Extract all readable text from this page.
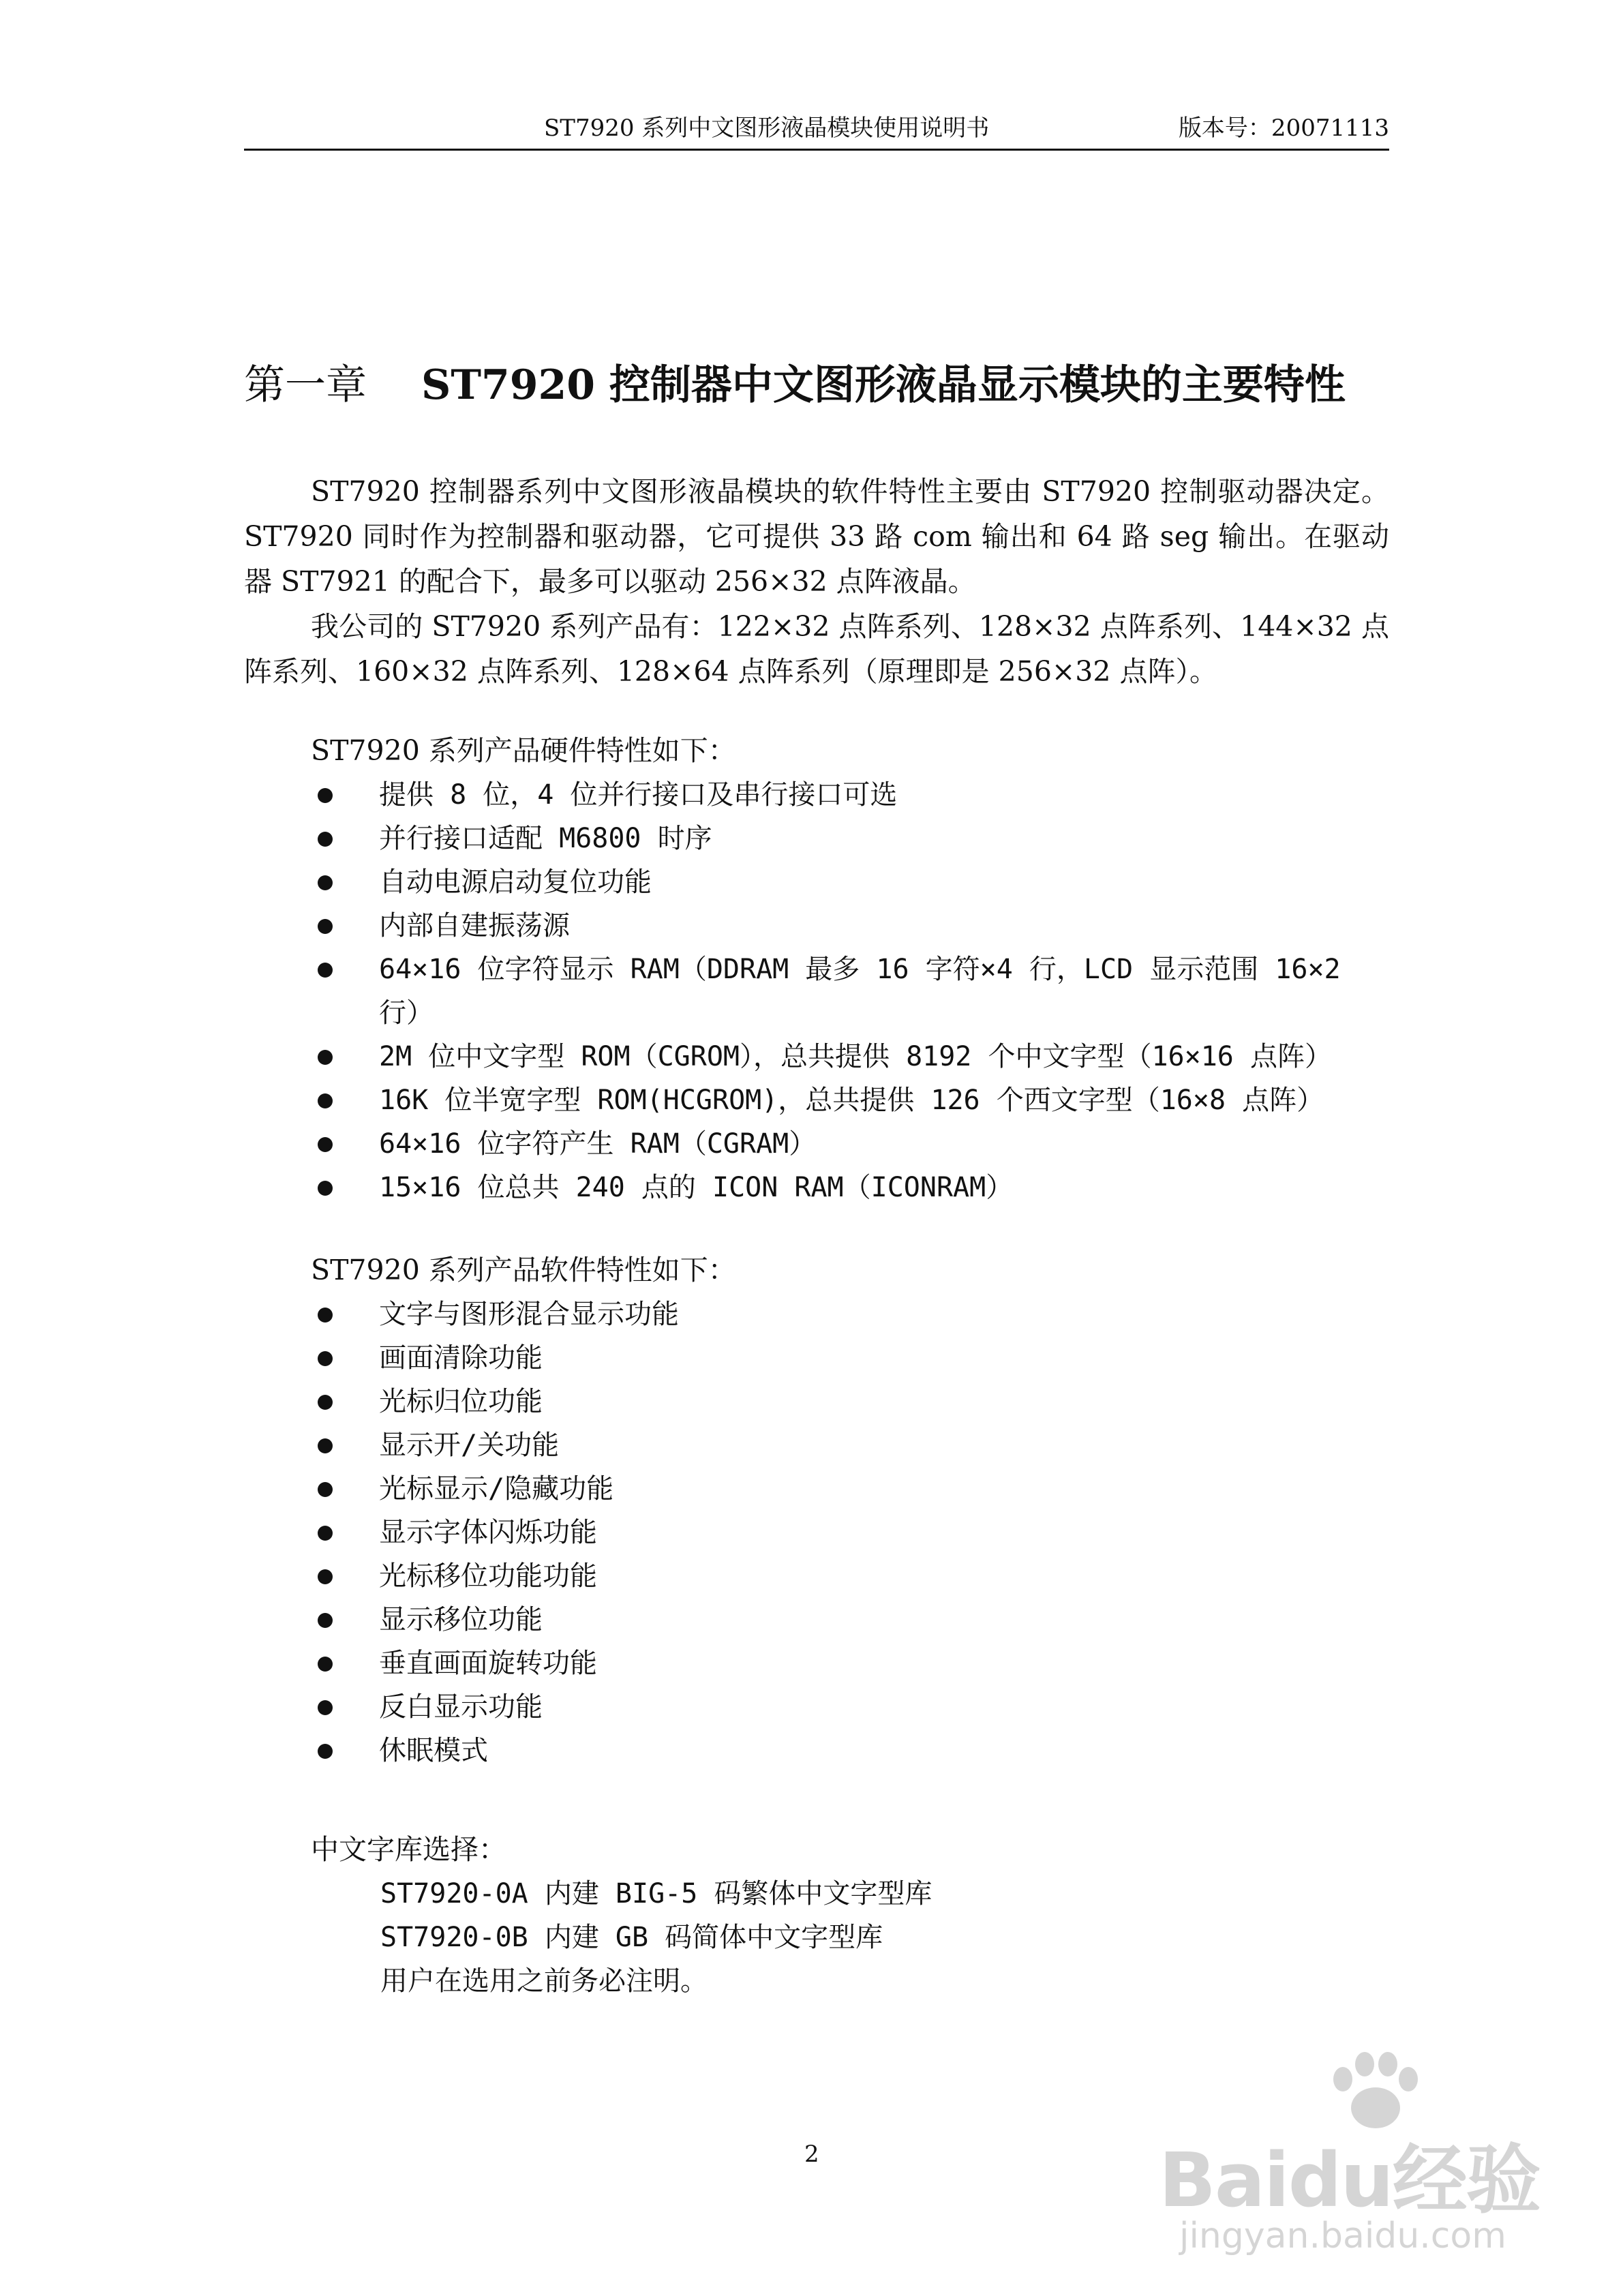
ST7920 系列中文图形液晶模块使用说明书	版本号：20071113
第一章 ST7920 控制器中文图形液晶显示模块的主要特性
ST7920 控制器系列中文图形液晶模块的软件特性主要由 ST7920 控制驱动器决定。ST7920 同时作为控制器和驱动器，它可提供 33 路 com 输出和 64 路 seg 输出。在驱动器 ST7921 的配合下，最多可以驱动 256×32 点阵液晶。
我公司的 ST7920 系列产品有：122×32 点阵系列、128×32 点阵系列、144×32 点阵系列、160×32 点阵系列、128×64 点阵系列（原理即是 256×32 点阵）。
ST7920 系列产品硬件特性如下：
提供 8 位，4 位并行接口及串行接口可选
并行接口适配 M6800 时序
自动电源启动复位功能
内部自建振荡源
64×16 位字符显示 RAM（DDRAM 最多 16 字符×4 行，LCD 显示范围 16×2 行）
2M 位中文字型 ROM（CGROM），总共提供 8192 个中文字型（16×16 点阵）
16K 位半宽字型 ROM(HCGROM)，总共提供 126 个西文字型（16×8 点阵）
64×16 位字符产生 RAM（CGRAM）
15×16 位总共 240 点的 ICON RAM（ICONRAM）
ST7920 系列产品软件特性如下：
文字与图形混合显示功能
画面清除功能
光标归位功能
显示开/关功能
光标显示/隐藏功能
显示字体闪烁功能
光标移位功能功能
显示移位功能
垂直画面旋转功能
反白显示功能
休眠模式
中文字库选择：
ST7920-0A 内建 BIG-5 码繁体中文字型库
ST7920-0B 内建 GB 码简体中文字型库
用户在选用之前务必注明。
2	Baidu经验
jingyan.baidu.com
